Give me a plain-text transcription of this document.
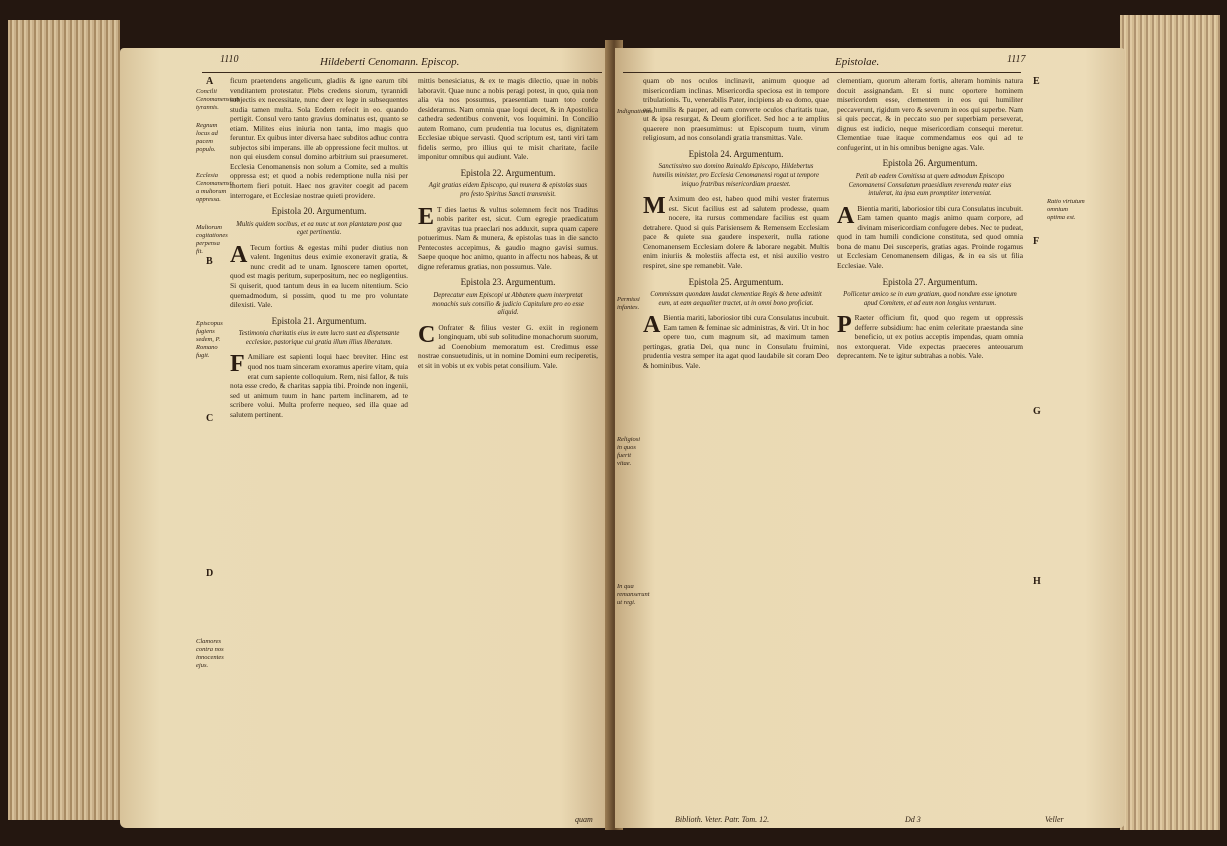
1110	Hildeberti Cenomann. Episcop.
A
B
C
D
Concilii Cenomanensium tyrannis.
Regnum locus ad pacem populo.
Ecclesia Cenomanensis a multorum oppressa.
Multorum cogitationes perpensa fit.
Episcopus fugiens sedem, P. Romano fugit.
Clamores contra nos innocentes ejus.

ficum praetendens angelicum, gladiis & igne earum tibi venditantem protestatur. Plebs credens siorum, tyrannidi subjectis ex necessitate, nunc deer ex lege in subsequentes studia tamen multa. Sola Eodem refecit in eo. quando pertigit. Consul vero tanto gravius dominatus est, quanto se etiam. Milites eius iniuria non tanta, imo magis quo feruntur. Ex quibus inter diversa haec subditos adhuc contra subjectos sibi imperans. ille ab oppressione fecit multos. ut non qui eiusdem consul domino arbitrium sui praesumeret. Ecclesia Cenomanensis non solum a Comite, sed a multis oppressa est; et quod a nobis redemptione nulla nisi per mortem fieri potuit. Haec nos graviter coegit ad pacem interrogare, et Ecclesiae nostrae quieti providere.

Epistola 20. Argumentum.
Multis quidem socibus, et ea nunc ut non plantatam post qua eget pertinentia.

A Tecum fortius & egestas mihi puder diutius non valent. Ingenitus deus eximie exoneravit gratia, & nunc credit ad te unam. Ignoscere tamen oportet, quod est magis peritum, superpositum, nec eo negligentius. Si quiserit, quod tantum deus in ea lucem nitentium. Scio quemadmodum, si possim, quod tu me pro voluntate dilexisti. Vale.

Epistola 21. Argumentum.
Testimonia charitatis eius in eum lucro sunt ea dispensante ecclesiae, pastorique cui gratia illum illius liberatum.

F Amiliare est sapienti loqui haec breviter. Hinc est quod nos tuam sinceram exoramus aperire vitam, quia erat cum sapiente colloquium. Rem, nisi fallor, & tuis nota esse credo, & charitas sappia tibi. Proinde non ingenii, sed ut animum tuum in hanc partem inclinarem, ad te scribere volui. Multa proferre nequeo, sed illa quae ad salutem pertinent.

mittis benesiciatus, & ex te magis dilectio, quae in nobis laboravit. Quae nunc a nobis peragi potest, in quo, quia non alia via nos possumus, praesentiam tuam toto corde desideramus. Nam omnia quae loqui decet, & in Apostolica cathedra sedentibus convenit, vos loquimini. In Concilio autem Romano, cum prudentia tua locutus es, dignitatem Ecclesiae ubique servasti. Quod scriptum est, tanti viri tam fidelis sermo, pro illius qui te misit charitate, facile imponitur omnibus qui audiunt. Vale.

Epistola 22. Argumentum.
Agit gratias eidem Episcopo, qui munera & epistolas suas pro festo Spiritus Sancti transmisit.

E T dies laetus & vultus solemnem fecit nos Traditus nobis pariter est, sicut. Cum egregie praedicatum gravitas tua praeclari nos adduxit, supra quam capere potuerimus. Nam & munera, & epistolas tuas in die sancto Pentecostes accepimus, & gaudio magno gavisi sumus. Saepe quoque hoc animo, quanto in affectu nos habeas, & ut digne referamus gratias, non possumus. Vale.

Epistola 23. Argumentum.
Deprecatur eum Episcopi ut Abbatem quem interpretat monachis suis consilio & judicio Capitulum pro eo esse aliquid.

C Onfrater & filius vester G. exiit in regionem longinquam, ubi sub solitudine monachorum suorum, ad Coenobium memoratum est. Credimus esse nostrae consuetudinis, ut in nomine Domini eum reciperetis, et sit in vobis ut ex vobis petat consilium. Vale.

quam
Epistolae.	1117
E
F
G
H
Indignationes.
Permissi infantes.
Religiosi in quos fuerit vitae.
In qua remanserunt ut regi.
Ratio virtutum omnium optima est.

quam ob nos oculos inclinavit, animum quoque ad misericordiam inclinas. Misericordia speciosa est in tempore tribulationis. Tu, venerabilis Pater, incipiens ab ea domo, quae est humilis & pauper, ad eam converte oculos charitatis tuae, ut & ipsa resurgat, & Deum glorificet. Sed hoc a te amplius quaerere non praesumimus: ut Episcopum tuum, virum religiosum, ad nos consolandi gratia transmittas. Vale.

Epistola 24. Argumentum.
Sanctissimo suo domino Rainaldo Episcopo, Hildebertus humilis minister, pro Ecclesia Cenomanensi rogat ut tempore iniquo fratribus misericordiam praestet.

M Aximum deo est, habeo quod mihi vester fraternus est. Sicut facilius est ad salutem prodesse, quam nocere, ita rursus commendare facilius est quam detrahere. Quod si quis Parisiensem & Remensem Ecclesiam pace & quiete sua gaudere inspexerit, nulla ratione Cenomanensem Ecclesiam dolere & laborare negabit. Multis enim iniuriis & molestiis affecta est, et nisi auxilio vestro respiret, sine spe remanebit. Vale.

Epistola 25. Argumentum.
Commissam quondam laudat clementiae Regis & bene admittit eum, ut eam aequaliter tractet, ut in omni bono proficiat.

A Bientia mariti, laboriosior tibi cura Consulatus incubuit. Eam tamen & feminae sic administras, & viri. Ut in hoc opere tuo, cum magnum sit, ad maximum tamen pertingas, gratia Dei, qua nunc in Consulatu fruimini, prudentia vestra semper ita agat quod laudabile sit coram Deo & hominibus. Vale.

clementiam, quorum alteram fortis, alteram hominis natura docuit assignandam. Et si nunc oportere hominem misericordem esse, clementem in eos qui humiliter peccaverunt, rigidum vero & severum in eos qui superbe. Nam si quis peccat, & in peccato suo per superbiam perseverat, dignus est iudicio, neque misericordiam consequi meretur. Clementiae tuae itaque commendamus eos qui ad te confugerint, ut in his omnibus benigne agas. Vale.

Epistola 26. Argumentum.
Petit ab eadem Comitissa ut quem admodum Episcopo Cenomanensi Consulatum praesidium reverenda mater eius intulerat, ita ipsa eum promptiter interveniat.

A Bientia mariti, laboriosior tibi cura Consulatus incubuit. Eam tamen quanto magis animo quam corpore, ad divinam misericordiam confugere debes. Nec te pudeat, quod in tam humili condicione constituta, sed quod omnia bona de manu Dei susceperis, gratias agas. Proinde rogamus ut Ecclesiam Cenomanensem diligas, & in ea sis ut filia Ecclesiae. Vale.

Epistola 27. Argumentum.
Pollicetur amico se in eum gratiam, quod nondum esse ignotum apud Comitem, et ad eum non longius venturum.

P Raeter officium fit, quod quo regem ut oppressis defferre subsidium: hac enim celeritate praestanda sine beneficio, ut ex potius acceptis impendas, quam omnia nos extorquerat. Vide expectas praeceres anteouarum deprecantem. Ne te igitur subtrahas a nobis. Vale.

Biblioth. Veter. Patr. Tom. 12.	Dd 3	Veller
